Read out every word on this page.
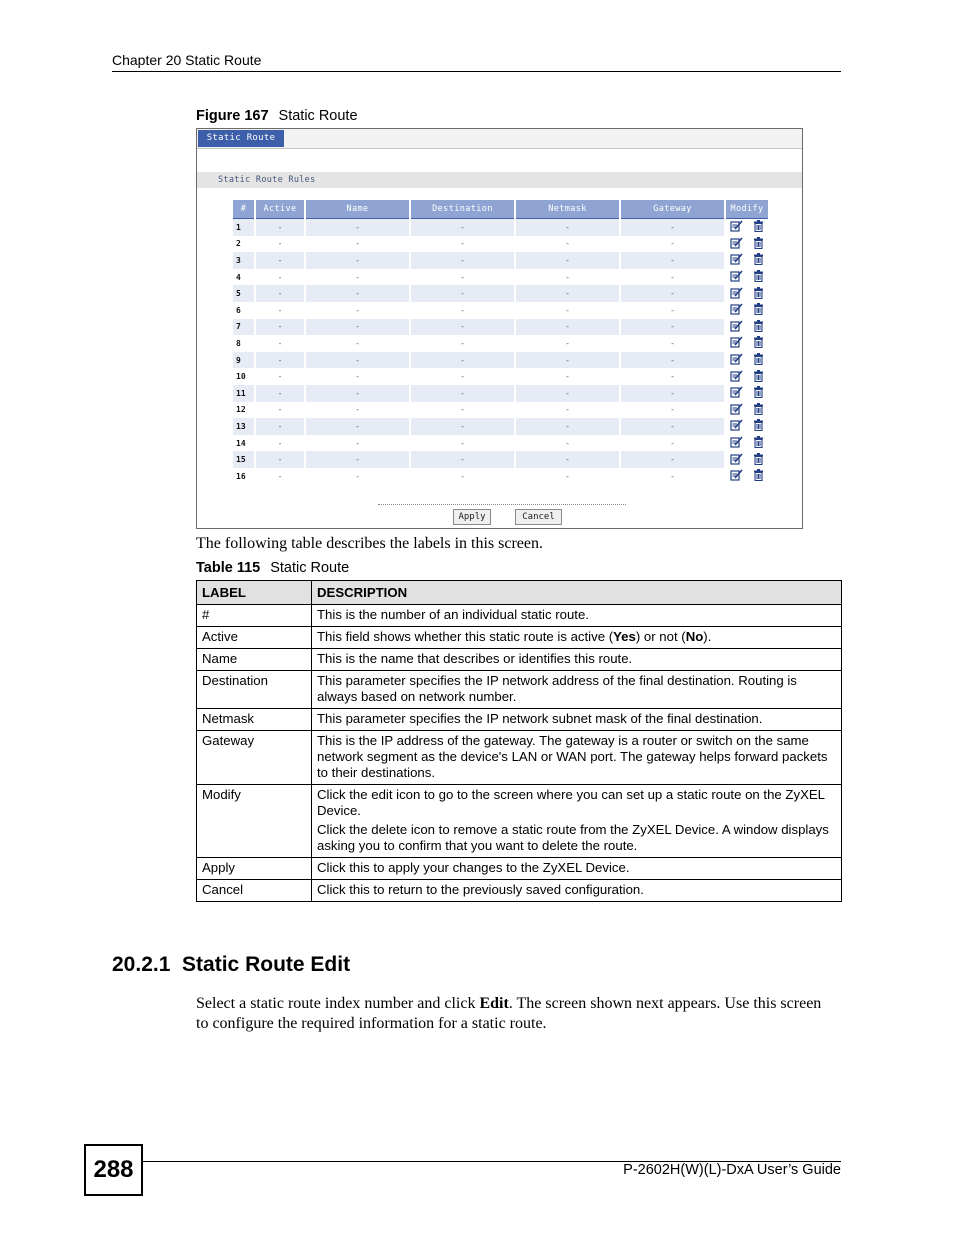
Chapter 20 Static Route
Figure 167 Static Route
Static Route
Static Route Rules
#	Active	Name	Destination	Netmask	Gateway	Modify
1	-	-	-	-	-	
2	-	-	-	-	-	
3	-	-	-	-	-	
4	-	-	-	-	-	
5	-	-	-	-	-	
6	-	-	-	-	-	
7	-	-	-	-	-	
8	-	-	-	-	-	
9	-	-	-	-	-	
10	-	-	-	-	-	
11	-	-	-	-	-	
12	-	-	-	-	-	
13	-	-	-	-	-	
14	-	-	-	-	-	
15	-	-	-	-	-	
16	-	-	-	-	-	
Apply	Cancel
The following table describes the labels in this screen.
Table 115 Static Route
LABEL	DESCRIPTION
#	This is the number of an individual static route.

Active	This field shows whether this static route is active (Yes) or not (No).

Name	This is the name that describes or identifies this route.

Destination	This parameter specifies the IP network address of the final destination. Routing is always based on network number.

Netmask	This parameter specifies the IP network subnet mask of the final destination.

Gateway	This is the IP address of the gateway. The gateway is a router or switch on the same network segment as the device's LAN or WAN port. The gateway helps forward packets to their destinations.

Modify	Click the edit icon to go to the screen where you can set up a static route on the ZyXEL Device.

Click the delete icon to remove a static route from the ZyXEL Device. A window displays asking you to confirm that you want to delete the route.

Apply	Click this to apply your changes to the ZyXEL Device.

Cancel	Click this to return to the previously saved configuration.

20.2.1  Static Route Edit
Select a static route index number and click Edit. The screen shown next appears. Use this screen to configure the required information for a static route.
288	P-2602H(W)(L)-DxA User’s Guide
